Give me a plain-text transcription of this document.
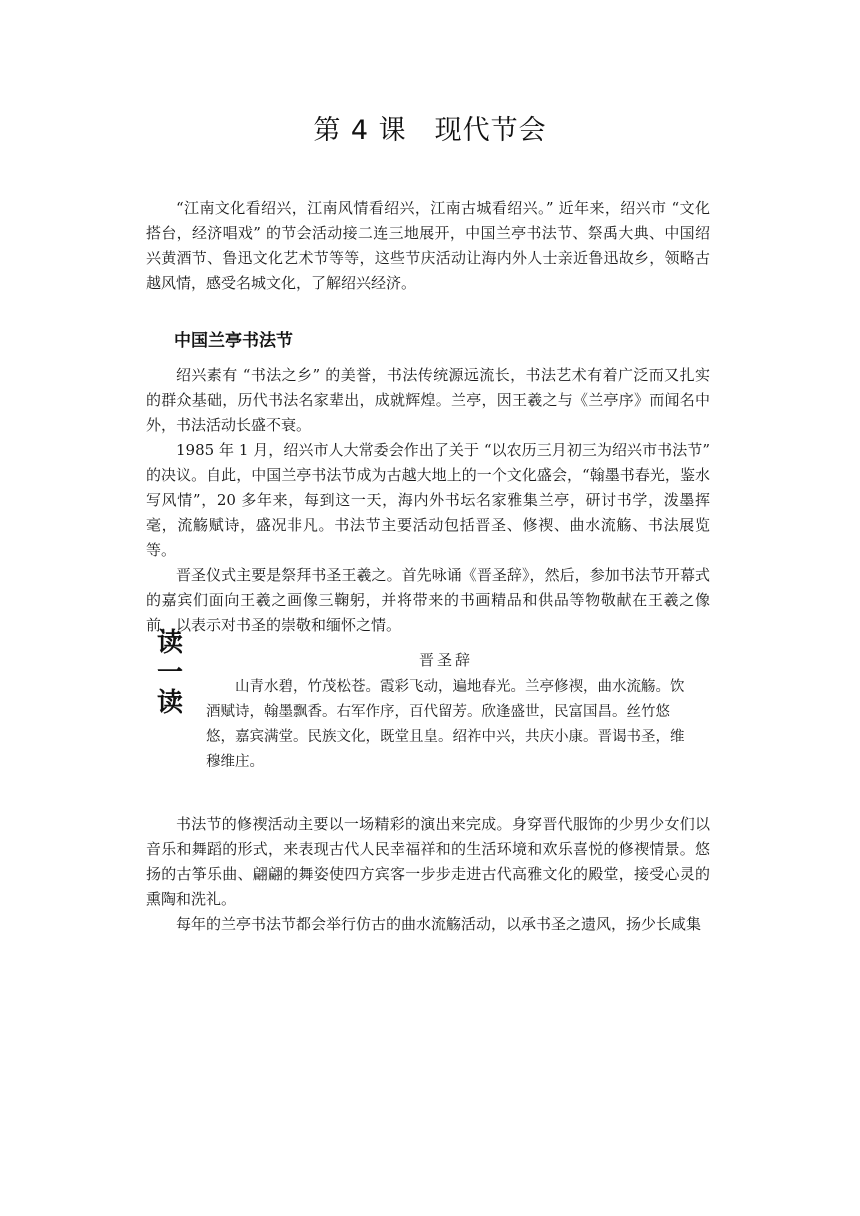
第 4 课　现代节会

“江南文化看绍兴，江南风情看绍兴，江南古城看绍兴。” 近年来，绍兴市 “文化搭台，经济唱戏” 的节会活动接二连三地展开，中国兰亭书法节、祭禹大典、中国绍兴黄酒节、鲁迅文化艺术节等等，这些节庆活动让海内外人士亲近鲁迅故乡，领略古越风情，感受名城文化，了解绍兴经济。

中国兰亭书法节

绍兴素有 “书法之乡” 的美誉，书法传统源远流长，书法艺术有着广泛而又扎实的群众基础，历代书法名家辈出，成就辉煌。兰亭，因王羲之与《兰亭序》而闻名中外，书法活动长盛不衰。

1985 年 1 月，绍兴市人大常委会作出了关于 “以农历三月初三为绍兴市书法节” 的决议。自此，中国兰亭书法节成为古越大地上的一个文化盛会，“翰墨书春光，鉴水写风情”，20 多年来，每到这一天，海内外书坛名家雅集兰亭，研讨书学，泼墨挥毫，流觞赋诗，盛况非凡。书法节主要活动包括晋圣、修禊、曲水流觞、书法展览等。

晋圣仪式主要是祭拜书圣王羲之。首先咏诵《晋圣辞》，然后，参加书法节开幕式的嘉宾们面向王羲之画像三鞠躬，并将带来的书画精品和供品等物敬献在王羲之像前，以表示对书圣的崇敬和缅怀之情。

读
一
读

晋圣辞

山青水碧，竹茂松苍。霞彩飞动，遍地春光。兰亭修禊，曲水流觞。饮酒赋诗，翰墨飘香。右军作序，百代留芳。欣逢盛世，民富国昌。丝竹悠悠，嘉宾满堂。民族文化，既堂且皇。绍祚中兴，共庆小康。晋谒书圣，维穆维庄。

书法节的修禊活动主要以一场精彩的演出来完成。身穿晋代服饰的少男少女们以音乐和舞蹈的形式，来表现古代人民幸福祥和的生活环境和欢乐喜悦的修禊情景。悠扬的古筝乐曲、翩翩的舞姿使四方宾客一步步走进古代高雅文化的殿堂，接受心灵的熏陶和洗礼。

每年的兰亭书法节都会举行仿古的曲水流觞活动，以承书圣之遗风，扬少长咸集
